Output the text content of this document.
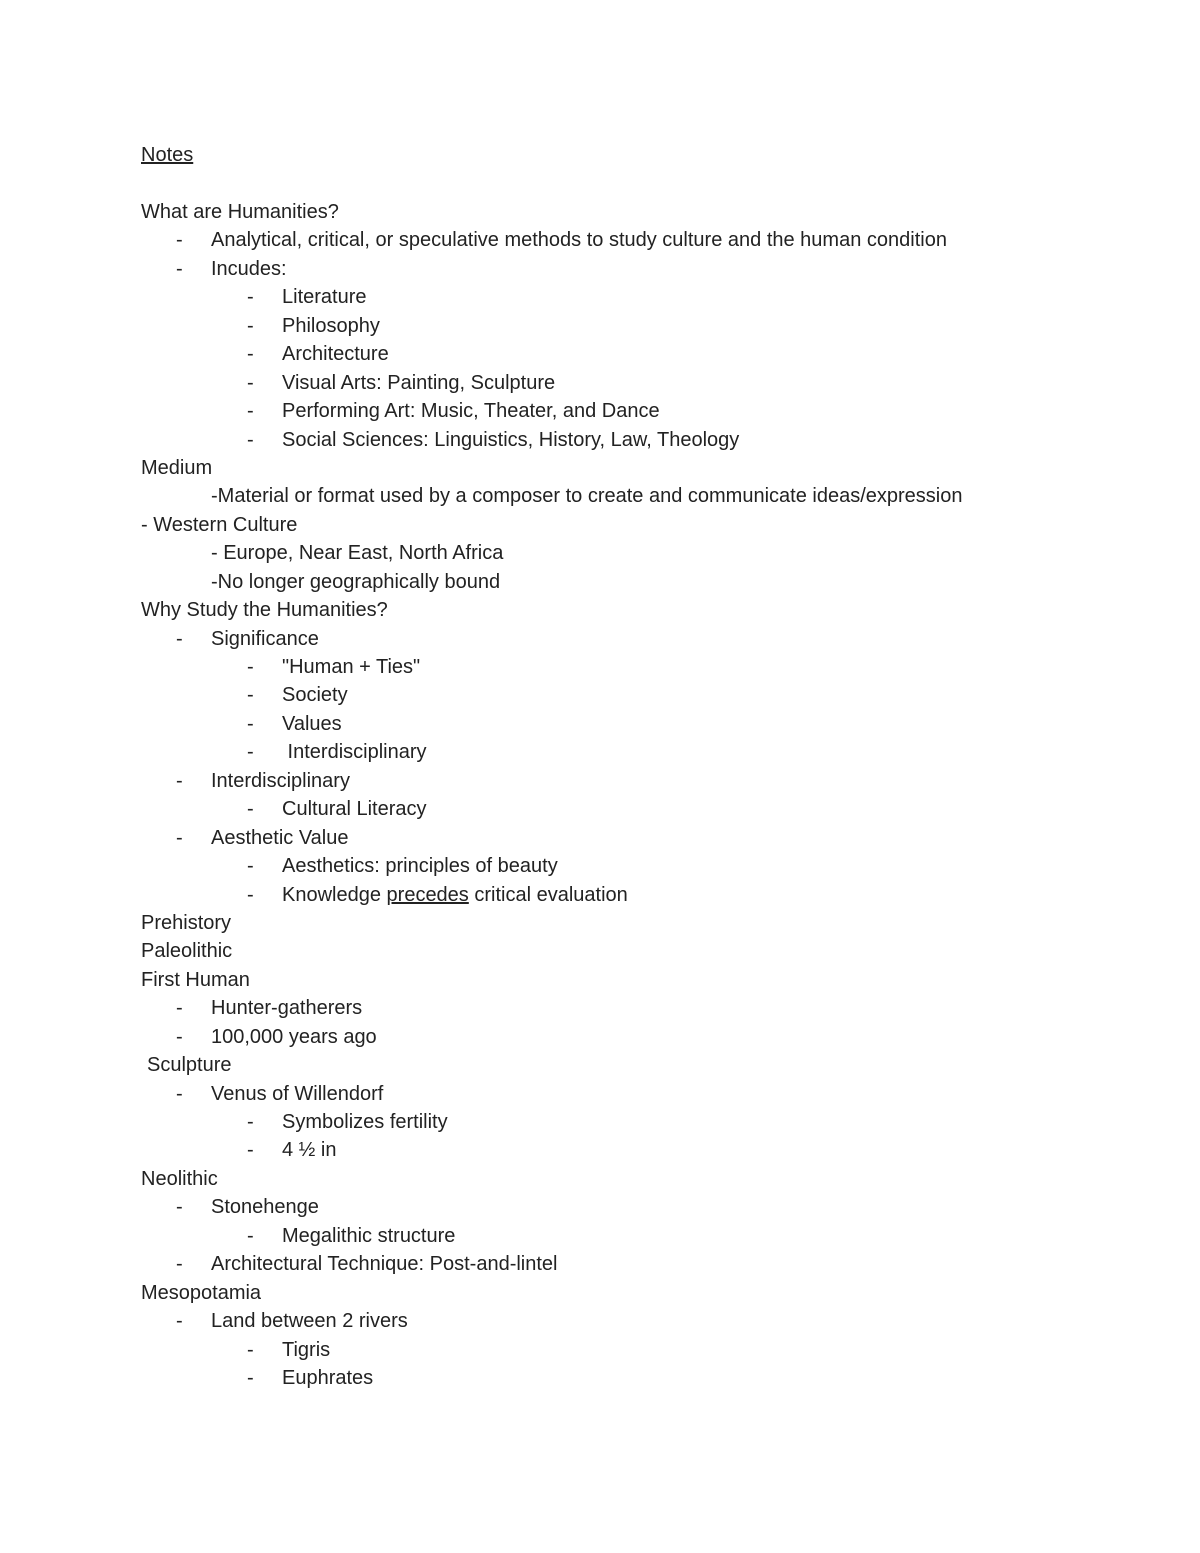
Notes
What are Humanities?
- Analytical, critical, or speculative methods to study culture and the human condition
- Incudes:
- Literature
- Philosophy
- Architecture
- Visual Arts: Painting, Sculpture
- Performing Art: Music, Theater, and Dance
- Social Sciences: Linguistics, History, Law, Theology
Medium
-Material or format used by a composer to create and communicate ideas/expression
- Western Culture
- Europe, Near East, North Africa
-No longer geographically bound
Why Study the Humanities?
- Significance
- "Human + Ties"
- Society
- Values
-  Interdisciplinary
- Interdisciplinary
- Cultural Literacy
- Aesthetic Value
- Aesthetics: principles of beauty
- Knowledge precedes critical evaluation
Prehistory
Paleolithic
First Human
- Hunter-gatherers
- 100,000 years ago
Sculpture
- Venus of Willendorf
- Symbolizes fertility
- 4 ½ in
Neolithic
- Stonehenge
- Megalithic structure
- Architectural Technique: Post-and-lintel
Mesopotamia
- Land between 2 rivers
- Tigris
- Euphrates
